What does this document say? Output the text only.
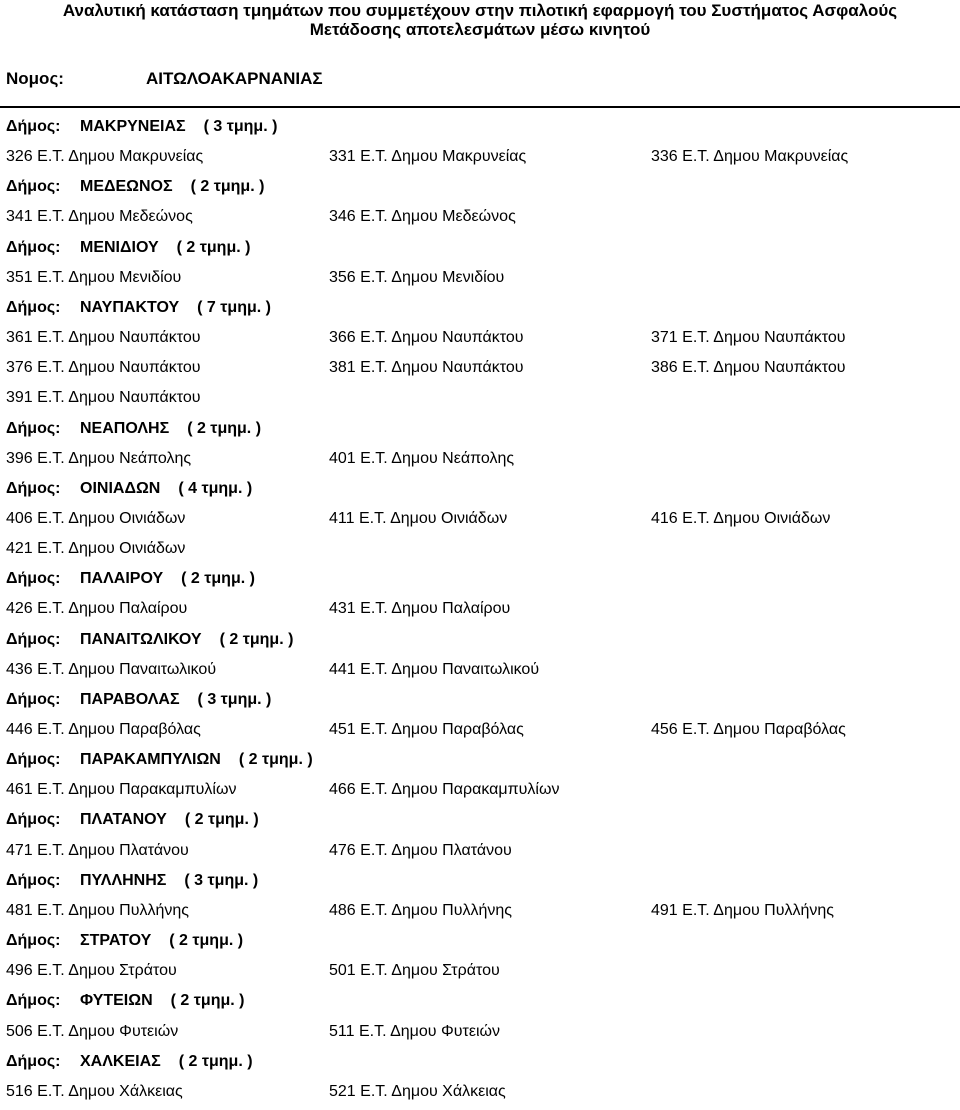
Αναλυτική κατάσταση τμημάτων που συμμετέχουν στην πιλοτική εφαρμογή του Συστήματος Ασφαλούς
Μετάδοσης αποτελεσμάτων μέσω κινητού
Νομος:	ΑΙΤΩΛΟΑΚΑΡΝΑΝΙΑΣ
Δήμος: ΜΑΚΡΥΝΕΙΑΣ ( 3 τμημ. )
326 Ε.Τ. Δημου Μακρυνείας	331 Ε.Τ. Δημου Μακρυνείας	336 Ε.Τ. Δημου Μακρυνείας
Δήμος: ΜΕΔΕΩΝΟΣ ( 2 τμημ. )
341 Ε.Τ. Δημου Μεδεώνος	346 Ε.Τ. Δημου Μεδεώνος
Δήμος: ΜΕΝΙΔΙΟΥ ( 2 τμημ. )
351 Ε.Τ. Δημου Μενιδίου	356 Ε.Τ. Δημου Μενιδίου
Δήμος: ΝΑΥΠΑΚΤΟΥ ( 7 τμημ. )
361 Ε.Τ. Δημου Ναυπάκτου	366 Ε.Τ. Δημου Ναυπάκτου	371 Ε.Τ. Δημου Ναυπάκτου
376 Ε.Τ. Δημου Ναυπάκτου	381 Ε.Τ. Δημου Ναυπάκτου	386 Ε.Τ. Δημου Ναυπάκτου
391 Ε.Τ. Δημου Ναυπάκτου
Δήμος: ΝΕΑΠΟΛΗΣ ( 2 τμημ. )
396 Ε.Τ. Δημου Νεάπολης	401 Ε.Τ. Δημου Νεάπολης
Δήμος: ΟΙΝΙΑΔΩΝ ( 4 τμημ. )
406 Ε.Τ. Δημου Οινιάδων	411 Ε.Τ. Δημου Οινιάδων	416 Ε.Τ. Δημου Οινιάδων
421 Ε.Τ. Δημου Οινιάδων
Δήμος: ΠΑΛΑΙΡΟΥ ( 2 τμημ. )
426 Ε.Τ. Δημου Παλαίρου	431 Ε.Τ. Δημου Παλαίρου
Δήμος: ΠΑΝΑΙΤΩΛΙΚΟΥ ( 2 τμημ. )
436 Ε.Τ. Δημου Παναιτωλικού	441 Ε.Τ. Δημου Παναιτωλικού
Δήμος: ΠΑΡΑΒΟΛΑΣ ( 3 τμημ. )
446 Ε.Τ. Δημου Παραβόλας	451 Ε.Τ. Δημου Παραβόλας	456 Ε.Τ. Δημου Παραβόλας
Δήμος: ΠΑΡΑΚΑΜΠΥΛΙΩΝ ( 2 τμημ. )
461 Ε.Τ. Δημου Παρακαμπυλίων	466 Ε.Τ. Δημου Παρακαμπυλίων
Δήμος: ΠΛΑΤΑΝΟΥ ( 2 τμημ. )
471 Ε.Τ. Δημου Πλατάνου	476 Ε.Τ. Δημου Πλατάνου
Δήμος: ΠΥΛΛΗΝΗΣ ( 3 τμημ. )
481 Ε.Τ. Δημου Πυλλήνης	486 Ε.Τ. Δημου Πυλλήνης	491 Ε.Τ. Δημου Πυλλήνης
Δήμος: ΣΤΡΑΤΟΥ ( 2 τμημ. )
496 Ε.Τ. Δημου Στράτου	501 Ε.Τ. Δημου Στράτου
Δήμος: ΦΥΤΕΙΩΝ ( 2 τμημ. )
506 Ε.Τ. Δημου Φυτειών	511 Ε.Τ. Δημου Φυτειών
Δήμος: ΧΑΛΚΕΙΑΣ ( 2 τμημ. )
516 Ε.Τ. Δημου Χάλκειας	521 Ε.Τ. Δημου Χάλκειας
